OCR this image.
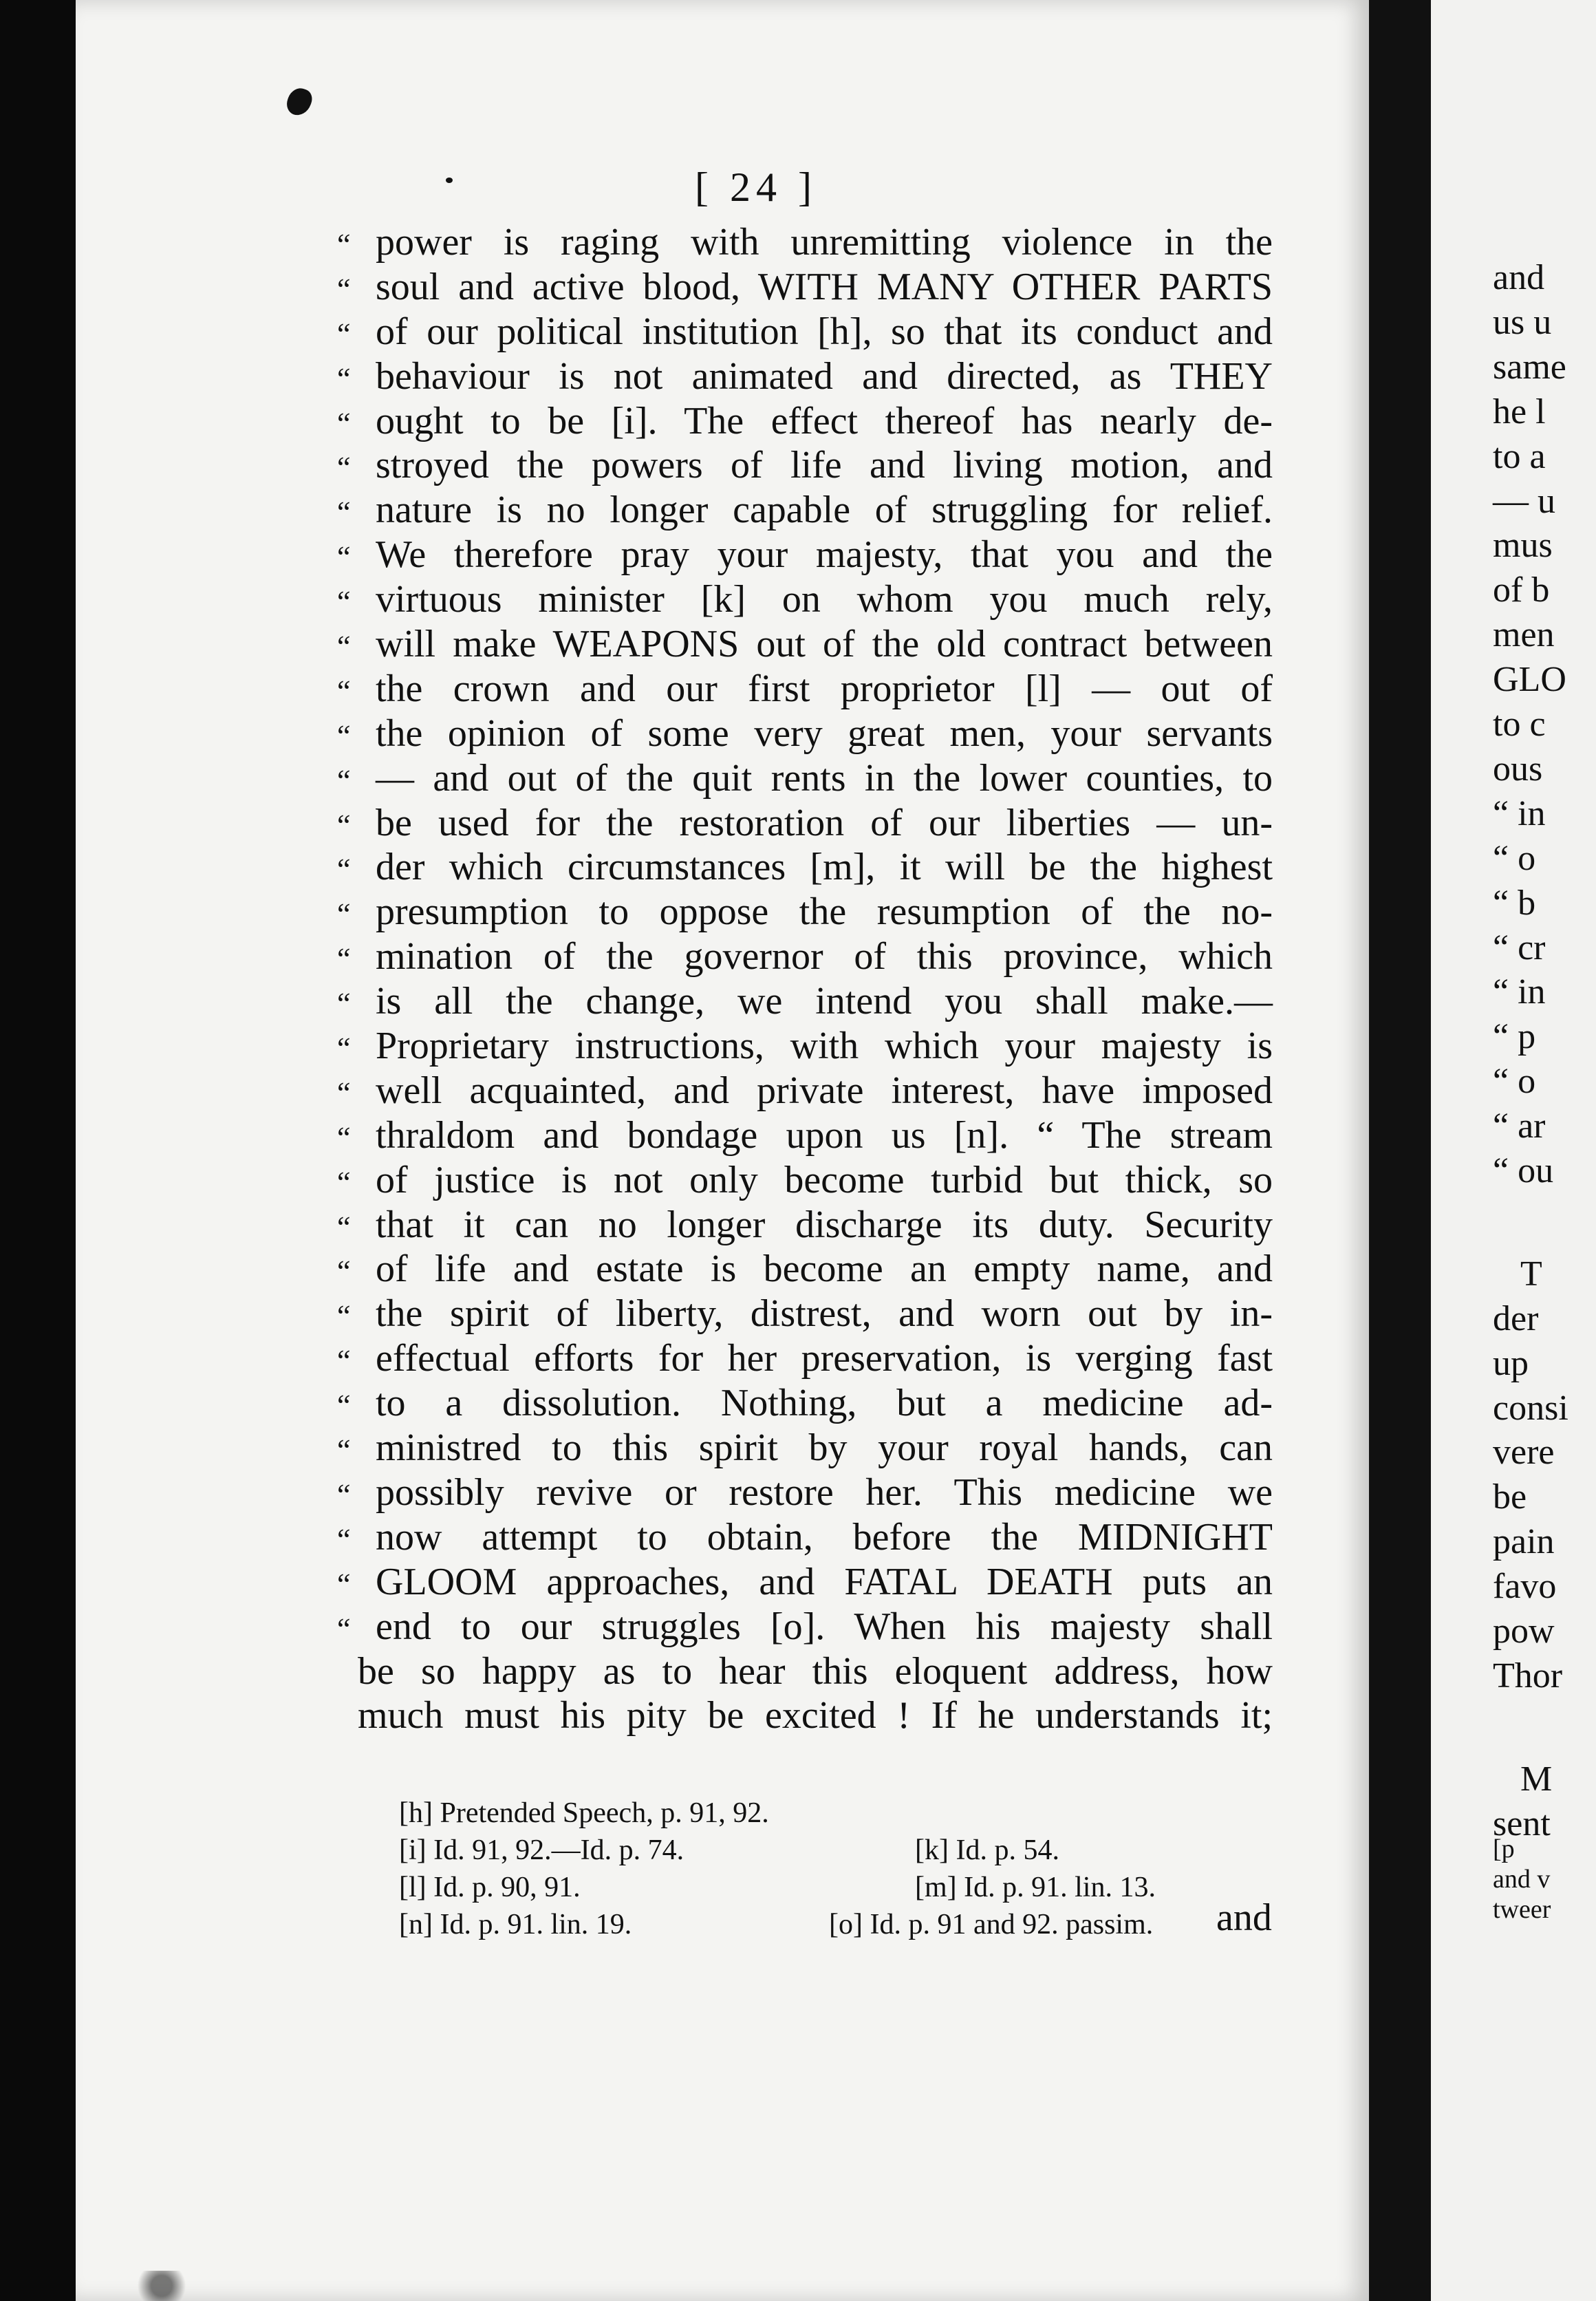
[ 24 ]
“ power is raging with unremitting violence in the
“ soul and active blood, WITH MANY OTHER PARTS
“ of our political institution [h], so that its conduct and
“ behaviour is not animated and directed, as THEY
“ ought to be [i]. The effect thereof has nearly de-
“ stroyed the powers of life and living motion, and
“ nature is no longer capable of struggling for relief.
“ We therefore pray your majesty, that you and the
“ virtuous minister [k] on whom you much rely,
“ will make WEAPONS out of the old contract between
“ the crown and our first proprietor [l] — out of
“ the opinion of some very great men, your servants
“ — and out of the quit rents in the lower counties, to
“ be used for the restoration of our liberties — un-
“ der which circumstances [m], it will be the highest
“ presumption to oppose the resumption of the no-
“ mination of the governor of this province, which
“ is all the change, we intend you shall make.—
“ Proprietary instructions, with which your majesty is
“ well acquainted, and private interest, have imposed
“ thraldom and bondage upon us [n]. “ The stream
“ of justice is not only become turbid but thick, so
“ that it can no longer discharge its duty. Security
“ of life and estate is become an empty name, and
“ the spirit of liberty, distrest, and worn out by in-
“ effectual efforts for her preservation, is verging fast
“ to a dissolution. Nothing, but a medicine ad-
“ ministred to this spirit by your royal hands, can
“ possibly revive or restore her. This medicine we
“ now attempt to obtain, before the MIDNIGHT
“ GLOOM approaches, and FATAL DEATH puts an
“ end to our struggles [o]. When his majesty shall
be so happy as to hear this eloquent address, how
much must his pity be excited ! If he understands it;
[h] Pretended Speech, p. 91, 92.
[i] Id. 91, 92.—Id. p. 74.	[k] Id. p. 54.
[l] Id. p. 90, 91.	[m] Id. p. 91. lin. 13.
[n] Id. p. 91. lin. 19.	[o] Id. p. 91 and 92. passim. and
and
us u
same
he l
to a
— u
mus
of b
men
GLO
to c
ous
“ in
“ o
“ b
“ cr
“ in
“ p
“ o
“ ar
“ ou
T
der
up
consi
vere
be
pain
favo
pow
Thor
M
sent
[p
and v
tweer
